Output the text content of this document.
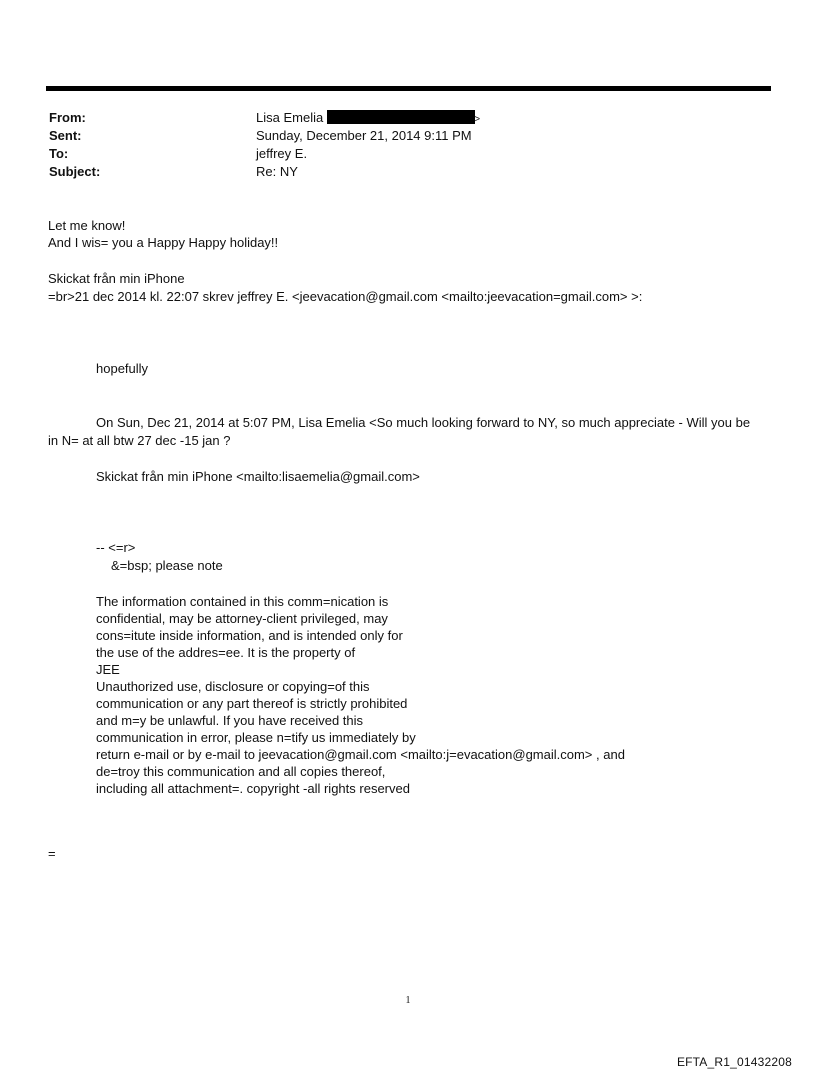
From:	Lisa Emelia	>
Sent:	Sunday, December 21, 2014 9:11 PM
To:	jeffrey E.
Subject:	Re: NY
Let me know!
And I wis= you a Happy Happy holiday!!
Skickat från min iPhone
=br>21 dec 2014 kl. 22:07 skrev jeffrey E. <jeevacation@gmail.com <mailto:jeevacation=gmail.com> >:
hopefully
On Sun, Dec 21, 2014 at 5:07 PM, Lisa Emelia <So much looking forward to NY, so much appreciate - Will you be
in N= at all btw 27 dec -15 jan ?
Skickat från min iPhone <mailto:lisaemelia@gmail.com>
-- <=r>
&=bsp; please note
The information contained in this comm=nication is
confidential, may be attorney-client privileged, may
cons=itute inside information, and is intended only for
the use of the addres=ee. It is the property of
JEE
Unauthorized use, disclosure or copying=of this
communication or any part thereof is strictly prohibited
and m=y be unlawful. If you have received this
communication in error, please n=tify us immediately by
return e-mail or by e-mail to jeevacation@gmail.com <mailto:j=evacation@gmail.com> , and
de=troy this communication and all copies thereof,
including all attachment=. copyright -all rights reserved
=
1
EFTA_R1_01432208
